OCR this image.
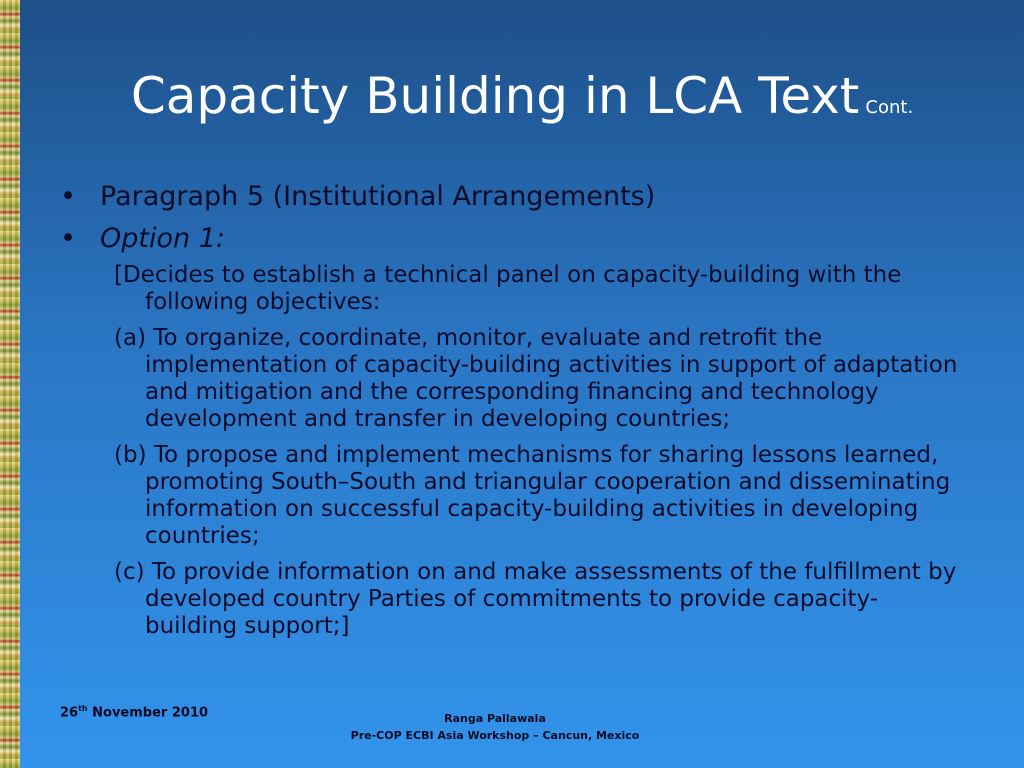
Capacity Building in LCA Text Cont.
• Paragraph 5 (Institutional Arrangements)
• Option 1:
[Decides to establish a technical panel on capacity-building with the following objectives:
(a) To organize, coordinate, monitor, evaluate and retrofit the implementation of capacity-building activities in support of adaptation and mitigation and the corresponding financing and technology development and transfer in developing countries;
(b) To propose and implement mechanisms for sharing lessons learned, promoting South–South and triangular cooperation and disseminating information on successful capacity-building activities in developing countries;
(c) To provide information on and make assessments of the fulfillment by developed country Parties of commitments to provide capacity-building support;]
26th November 2010	Ranga Pallawala
Pre-COP ECBI Asia Workshop – Cancun, Mexico
